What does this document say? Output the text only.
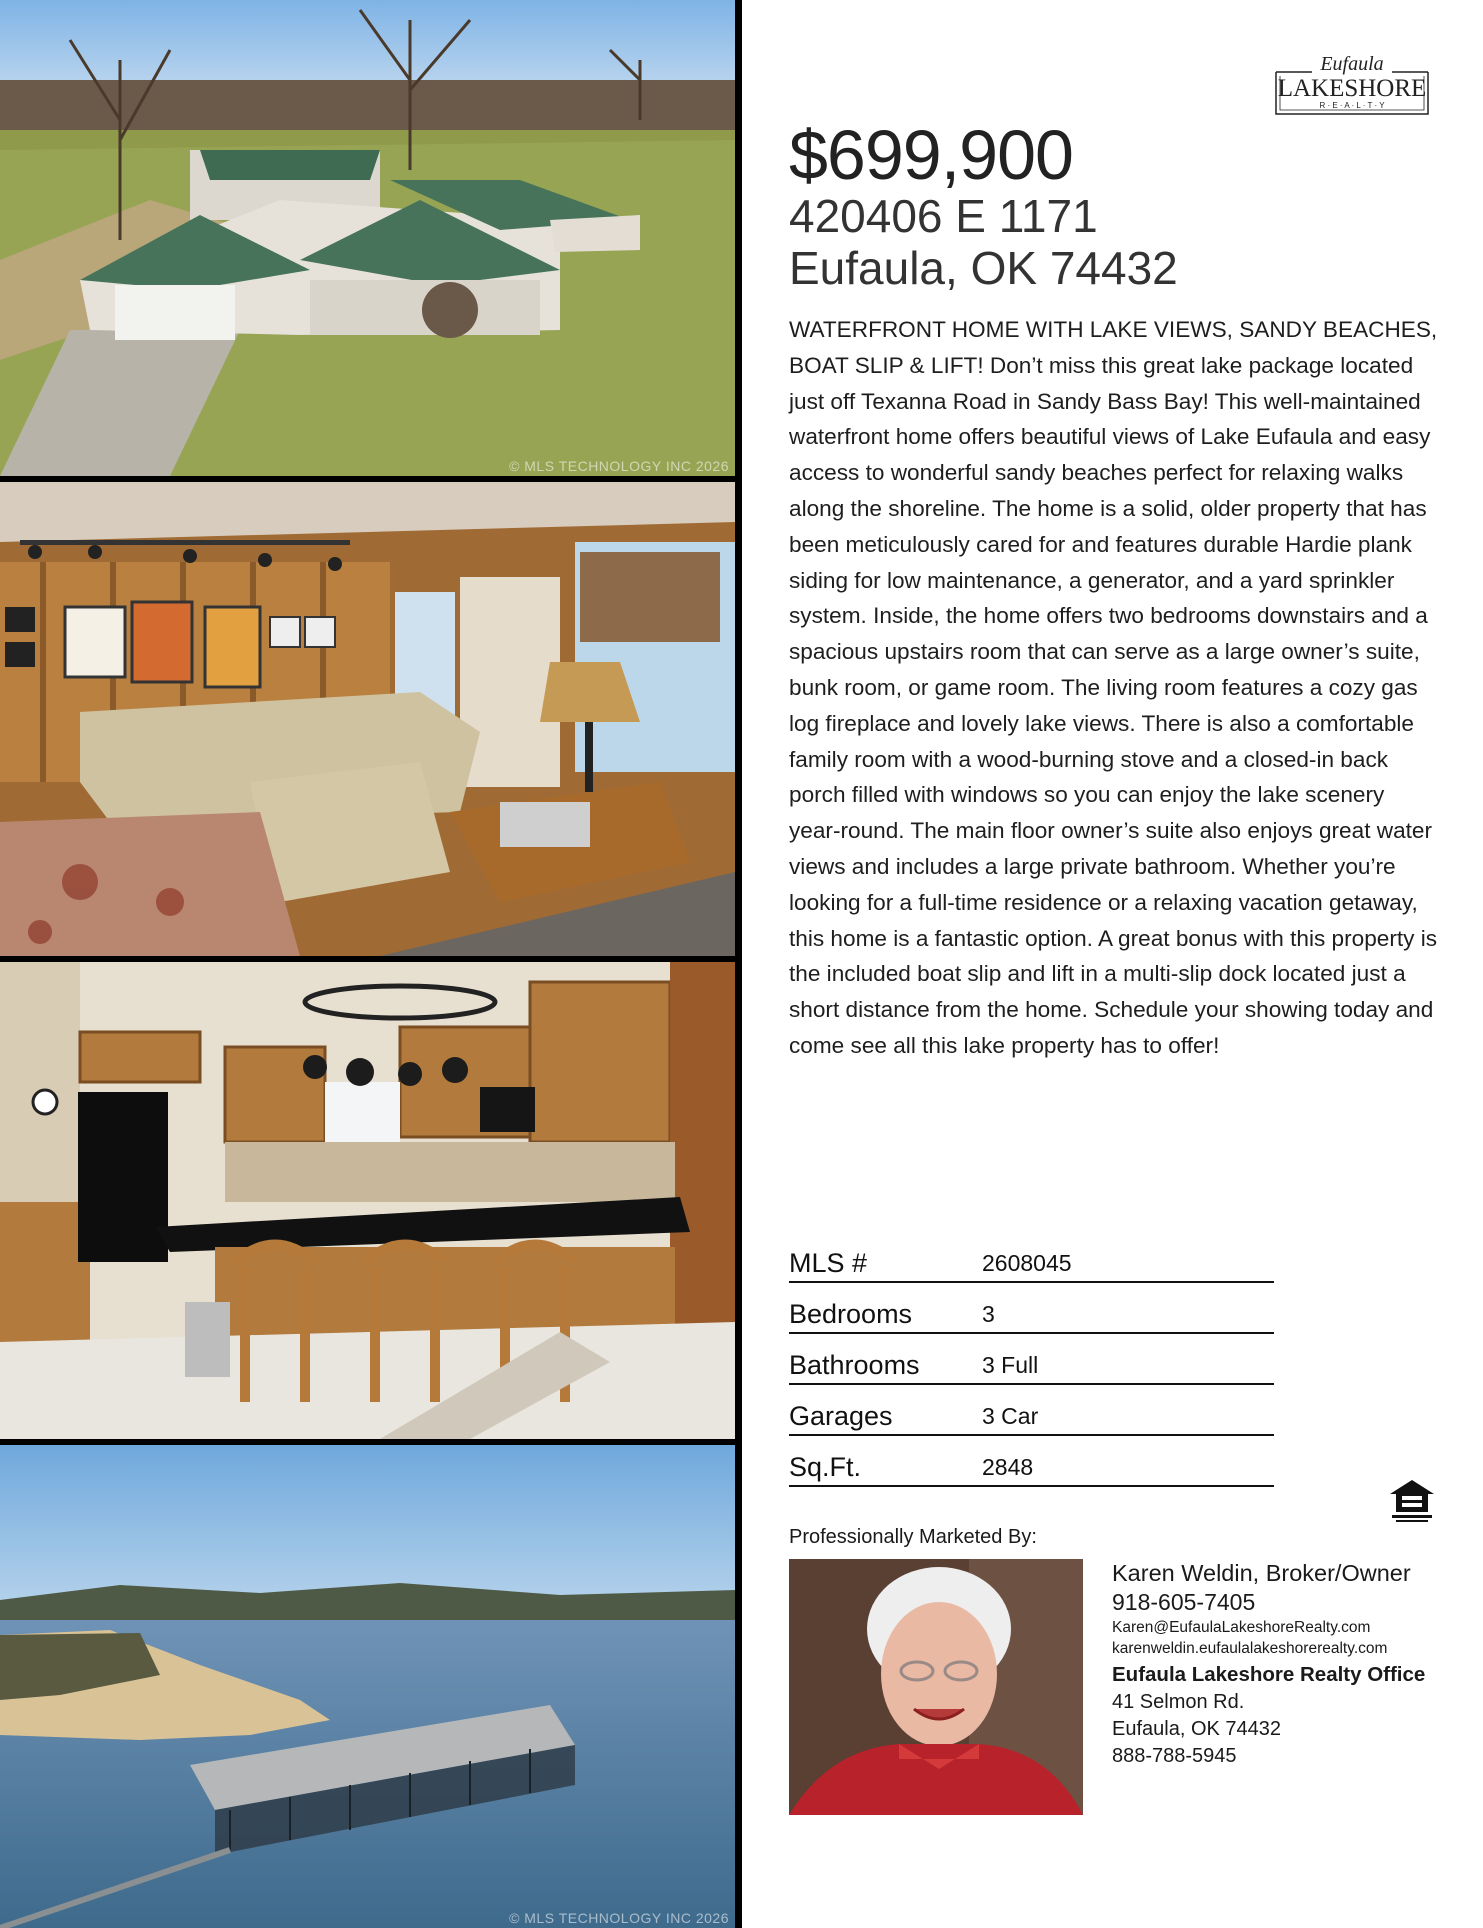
© MLS TECHNOLOGY INC 2026
© MLS TECHNOLOGY INC 2026
Eufaula
LAKESHORE
R · E · A · L · T · Y
$699,900
420406 E 1171
Eufaula, OK 74432
WATERFRONT HOME WITH LAKE VIEWS, SANDY BEACHES, BOAT SLIP & LIFT! Don’t miss this great lake package located just off Texanna Road in Sandy Bass Bay! This well-maintained waterfront home offers beautiful views of Lake Eufaula and easy access to wonderful sandy beaches perfect for relaxing walks along the shoreline. The home is a solid, older property that has been meticulously cared for and features durable Hardie plank siding for low maintenance, a generator, and a yard sprinkler system. Inside, the home offers two bedrooms downstairs and a spacious upstairs room that can serve as a large owner’s suite, bunk room, or game room. The living room features a cozy gas log fireplace and lovely lake views. There is also a comfortable family room with a wood-burning stove and a closed-in back porch filled with windows so you can enjoy the lake scenery year-round. The main floor owner’s suite also enjoys great water views and includes a large private bathroom. Whether you’re looking for a full-time residence or a relaxing vacation getaway, this home is a fantastic option. A great bonus with this property is the included boat slip and lift in a multi-slip dock located just a short distance from the home. Schedule your showing today and come see all this lake property has to offer!
MLS #	2608045
Bedrooms	3
Bathrooms	3 Full
Garages	3 Car
Sq.Ft.	2848
Professionally Marketed By:
Karen Weldin, Broker/Owner
918-605-7405
Karen@EufaulaLakeshoreRealty.com
karenweldin.eufaulalakeshorerealty.com
Eufaula Lakeshore Realty Office
41 Selmon Rd.
Eufaula, OK 74432
888-788-5945
